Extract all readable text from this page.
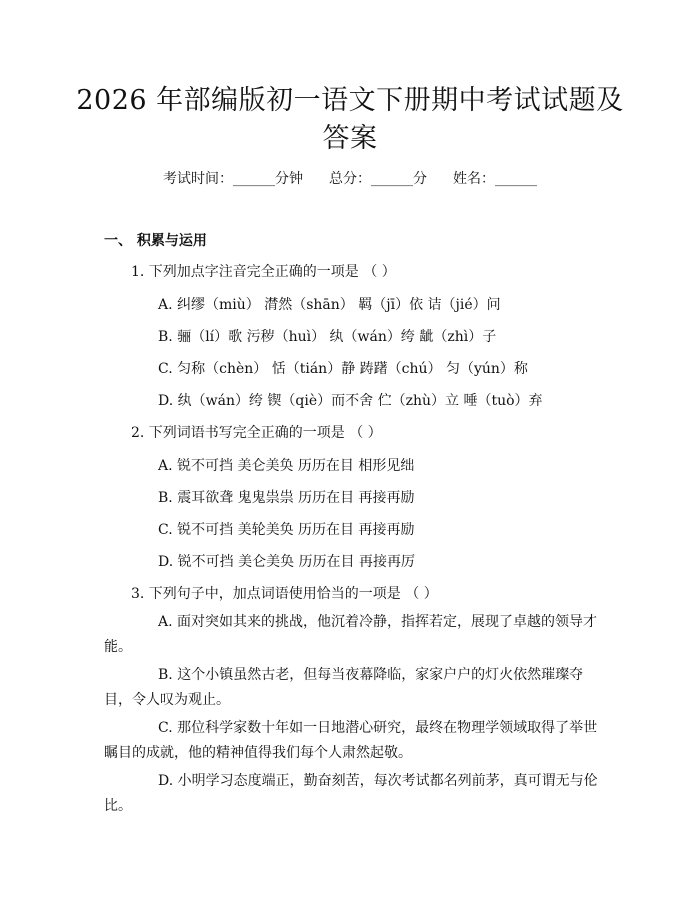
2026 年部编版初一语文下册期中考试试题及
答案
考试时间：______分钟 总分：______分 姓名：______
一、 积累与运用
1. 下列加点字注音完全正确的一项是 （ ）
A. 纠缪（miù） 潸然（shān） 羁（jī）依 诘（jié）问
B. 骊（lí）歌 污秽（huì） 纨（wán）绔 龇（zhì）子
C. 匀称（chèn） 恬（tián）静 踌躇（chú） 匀（yún）称
D. 纨（wán）绔 锲（qiè）而不舍 伫（zhù）立 唾（tuò）弃
2. 下列词语书写完全正确的一项是 （ ）
A. 锐不可挡 美仑美奂 历历在目 相形见绌
B. 震耳欲聋 鬼鬼祟祟 历历在目 再接再励
C. 锐不可挡 美轮美奂 历历在目 再接再励
D. 锐不可挡 美仑美奂 历历在目 再接再厉
3. 下列句子中，加点词语使用恰当的一项是 （ ）
A. 面对突如其来的挑战，他沉着冷静，指挥若定，展现了卓越的领导才能。
B. 这个小镇虽然古老，但每当夜幕降临，家家户户的灯火依然璀璨夺目，令人叹为观止。
C. 那位科学家数十年如一日地潜心研究，最终在物理学领域取得了举世瞩目的成就，他的精神值得我们每个人肃然起敬。
D. 小明学习态度端正，勤奋刻苦，每次考试都名列前茅，真可谓无与伦比。
